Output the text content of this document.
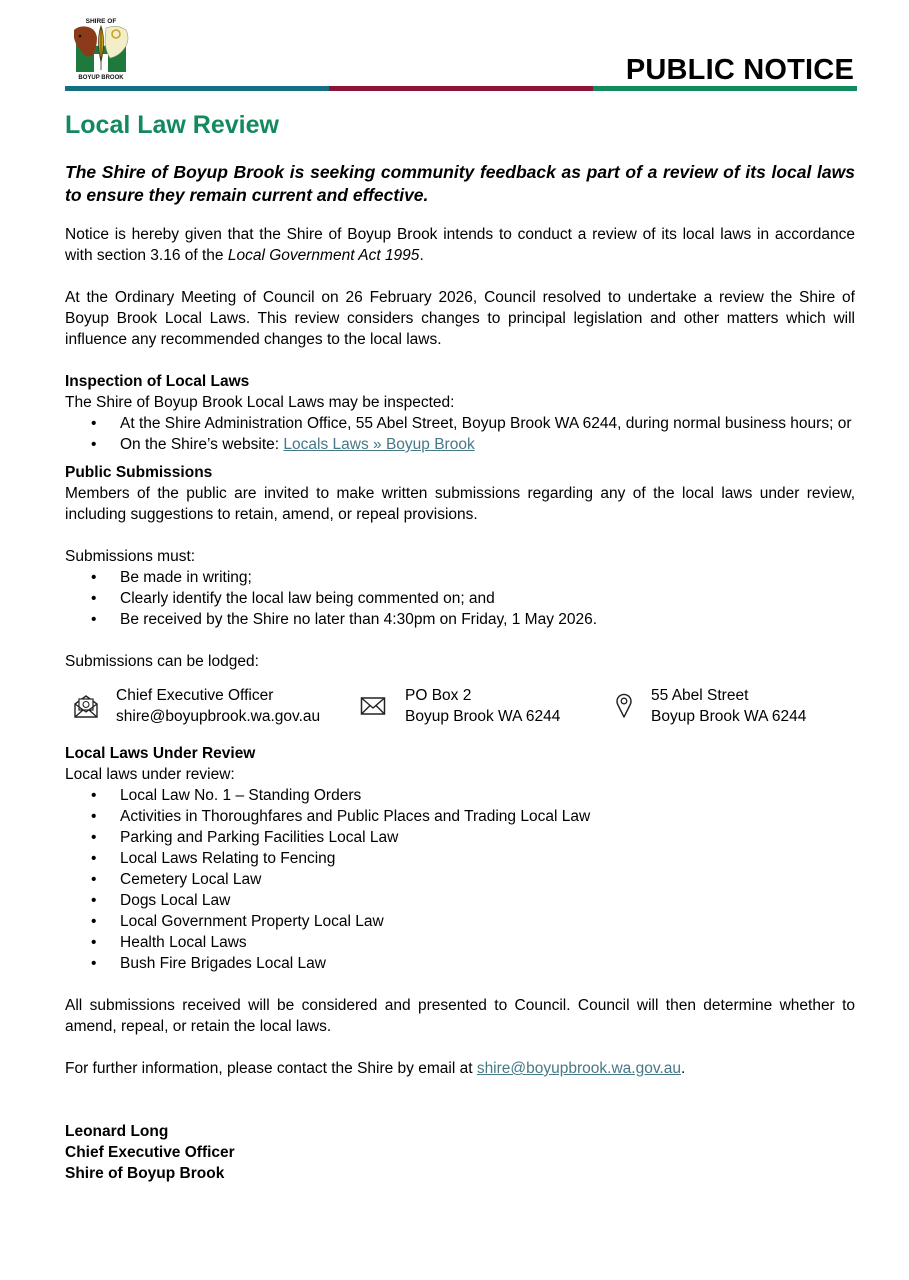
SHIRE OF
BOYUP BROOK	PUBLIC NOTICE
Local Law Review

The Shire of Boyup Brook is seeking community feedback as part of a review of its local laws to ensure they remain current and effective.

Notice is hereby given that the Shire of Boyup Brook intends to conduct a review of its local laws in accordance with section 3.16 of the Local Government Act 1995.

At the Ordinary Meeting of Council on 26 February 2026, Council resolved to undertake a review the Shire of Boyup Brook Local Laws. This review considers changes to principal legislation and other matters which will influence any recommended changes to the local laws.

Inspection of Local Laws
The Shire of Boyup Brook Local Laws may be inspected:
• At the Shire Administration Office, 55 Abel Street, Boyup Brook WA 6244, during normal business hours; or
• On the Shire’s website: Locals Laws » Boyup Brook
Public Submissions

Members of the public are invited to make written submissions regarding any of the local laws under review, including suggestions to retain, amend, or repeal provisions.

Submissions must:
• Be made in writing;
• Clearly identify the local law being commented on; and
• Be received by the Shire no later than 4:30pm on Friday, 1 May 2026.
Submissions can be lodged:
Chief Executive Officer
shire@boyupbrook.wa.gov.au
PO Box 2
Boyup Brook WA 6244
55 Abel Street
Boyup Brook WA 6244
Local Laws Under Review
Local laws under review:
• Local Law No. 1 – Standing Orders
• Activities in Thoroughfares and Public Places and Trading Local Law
• Parking and Parking Facilities Local Law
• Local Laws Relating to Fencing
• Cemetery Local Law
• Dogs Local Law
• Local Government Property Local Law
• Health Local Laws
• Bush Fire Brigades Local Law

All submissions received will be considered and presented to Council. Council will then determine whether to amend, repeal, or retain the local laws.

For further information, please contact the Shire by email at shire@boyupbrook.wa.gov.au.

Leonard Long
Chief Executive Officer
Shire of Boyup Brook
